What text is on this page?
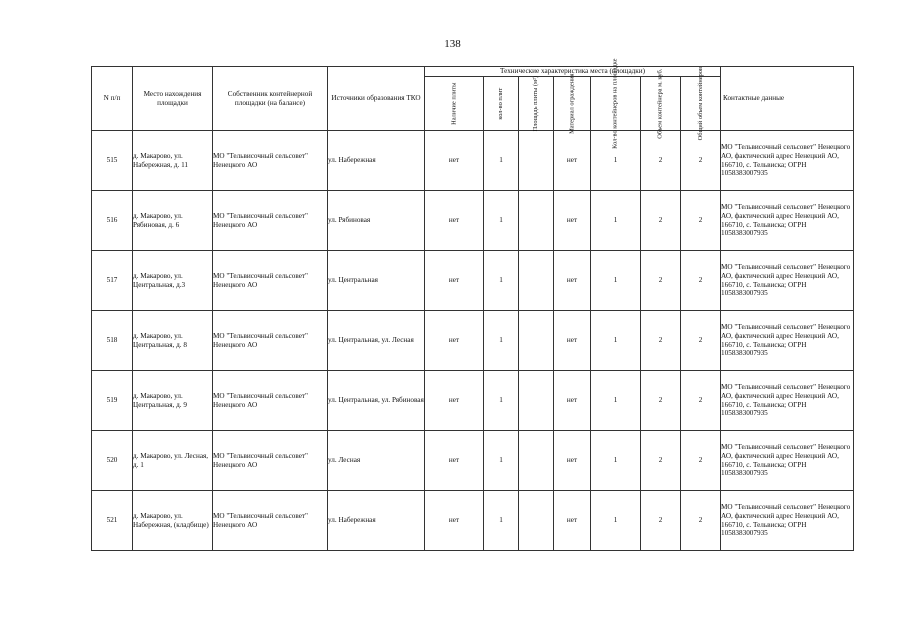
138
N п/п	Место нахождения площадки	Собственник контейнерной площадки (на балансе)	Источники образования ТКО	Технические характеристика места (площадки)							Контактные данные

				Наличие плиты	кол-во плит	Площадь плиты (м²)	Материал ограждения	Кол-во контейнеров на площадке	Объем контейнера м. куб.	Общий объем контейнеров	

515	д. Макарово, ул. Набережная, д. 11	МО "Тельвисочный сельсовет" Ненецкого АО	ул. Набережная	нет	1		нет	1	2	2	МО "Тельвисочный сельсовет" Ненецкого АО, фактический адрес Ненецкий АО, 166710, с. Тельвиска; ОГРН 1058383007935
516	д. Макарово, ул. Рябиновая, д. 6	МО "Тельвисочный сельсовет" Ненецкого АО	ул. Рябиновая	нет	1		нет	1	2	2	МО "Тельвисочный сельсовет" Ненецкого АО, фактический адрес Ненецкий АО, 166710, с. Тельвиска; ОГРН 1058383007935
517	д. Макарово, ул. Центральная, д.3	МО "Тельвисочный сельсовет" Ненецкого АО	ул. Центральная	нет	1		нет	1	2	2	МО "Тельвисочный сельсовет" Ненецкого АО, фактический адрес Ненецкий АО, 166710, с. Тельвиска; ОГРН 1058383007935
518	д. Макарово, ул. Центральная, д. 8	МО "Тельвисочный сельсовет" Ненецкого АО	ул. Центральная, ул. Лесная	нет	1		нет	1	2	2	МО "Тельвисочный сельсовет" Ненецкого АО, фактический адрес Ненецкий АО, 166710, с. Тельвиска; ОГРН 1058383007935
519	д. Макарово, ул. Центральная, д. 9	МО "Тельвисочный сельсовет" Ненецкого АО	ул. Центральная, ул. Рябиновая	нет	1		нет	1	2	2	МО "Тельвисочный сельсовет" Ненецкого АО, фактический адрес Ненецкий АО, 166710, с. Тельвиска; ОГРН 1058383007935
520	д. Макарово, ул. Лесная, д. 1	МО "Тельвисочный сельсовет" Ненецкого АО	ул. Лесная	нет	1		нет	1	2	2	МО "Тельвисочный сельсовет" Ненецкого АО, фактический адрес Ненецкий АО, 166710, с. Тельвиска; ОГРН 1058383007935
521	д. Макарово, ул. Набережная, (кладбище)	МО "Тельвисочный сельсовет" Ненецкого АО	ул. Набережная	нет	1		нет	1	2	2	МО "Тельвисочный сельсовет" Ненецкого АО, фактический адрес Ненецкий АО, 166710, с. Тельвиска; ОГРН 1058383007935
